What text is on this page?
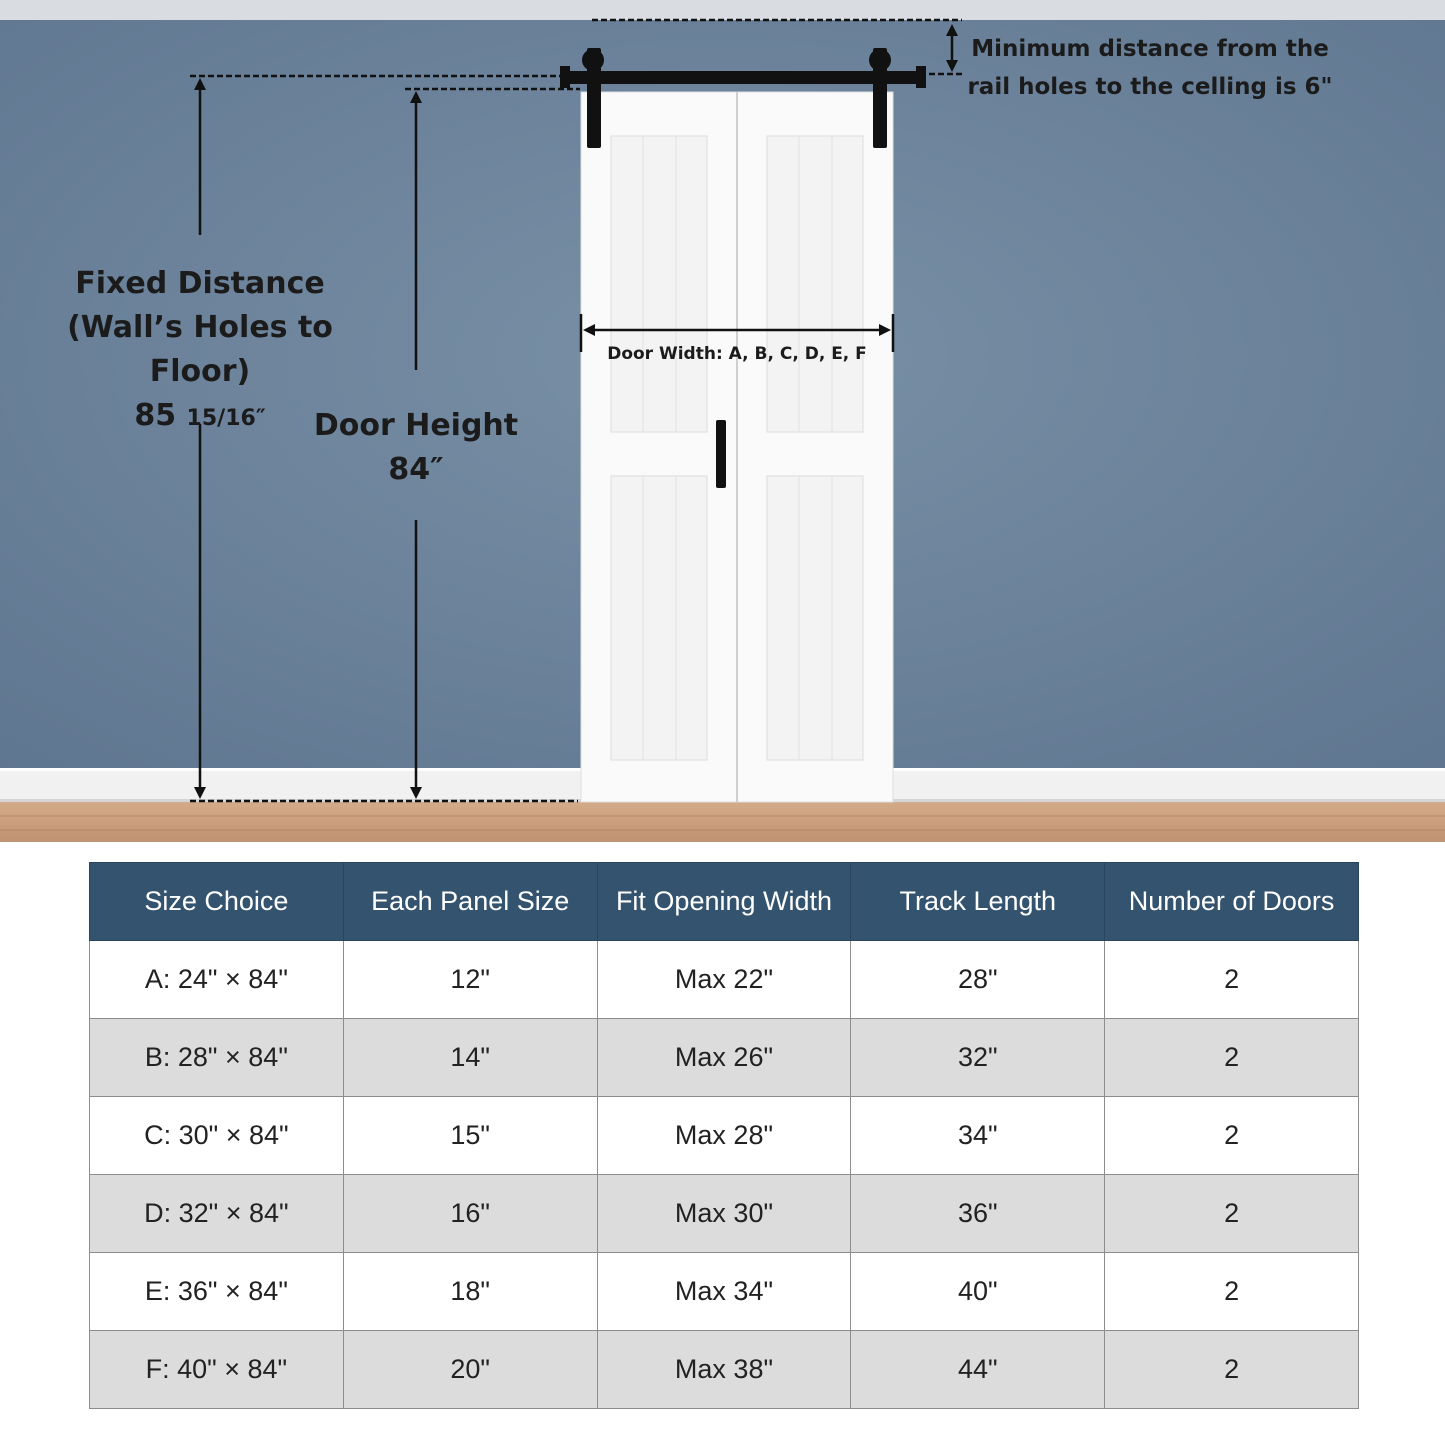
Minimum distance from the
rail holes to the celling is 6"
Fixed Distance
(Wall’s Holes to Floor)
85 15/16″	Door Height
84″
Door Width: A, B, C, D, E, F
Size Choice	Each Panel Size	Fit Opening Width	Track Length	Number of Doors
A: 24" × 84"	12"	Max 22"	28"	2
B: 28" × 84"	14"	Max 26"	32"	2
C: 30" × 84"	15"	Max 28"	34"	2
D: 32" × 84"	16"	Max 30"	36"	2
E: 36" × 84"	18"	Max 34"	40"	2
F: 40" × 84"	20"	Max 38"	44"	2
